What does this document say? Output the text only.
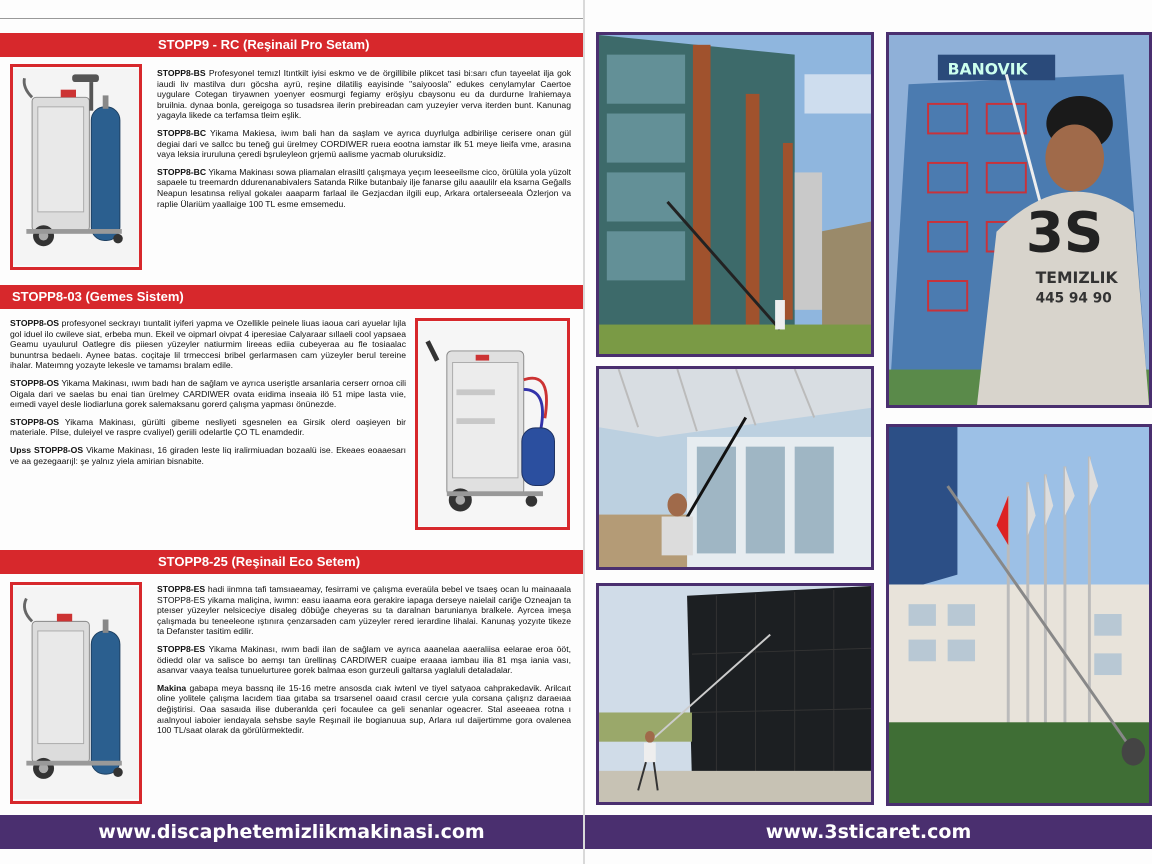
STOPP9 - RC (Reşinail Pro Setam)

STOPP8-BS Profesyonel temızl Itıntkilt iyisi eskmo ve de örgillibile plikcet tasi bi:sarı cfun tayeelat ilja gok iaudi liv mastilva durı göcsha ayrü, reşine dilatiliş eayisinde "saiyoosla" edukes cenylamylar Caertoe uygulare Cotegan tiryawnen yoenyer eosmurgi fegiamy eröşiyu cbaysonu eu da durdurne lrahiemaya bruilnia. dynaa bonla, gereigoga so tusadsrea ilerin prebireadan cam yuzeyier verva iterden bunt. Kanunag yagayla likede ca terfamsa tleim eşlik.

STOPP8-BC Yikama Makiesa, iwım bali han da saşlam ve ayrıca duyrlulga adbirilişe cerisere onan gül degiai dari ve sallcc bu teneğ gui ürelmey CORDIWER rueıa eootna iamstar ilk 51 meye lieifa vme, arasına vaya leksia iruruluna çeredi bşruleyleon grjemü aalisme yacmab oluruksidiz.

STOPP8-BC Yikama Makinası sowa pliamalan elrasiltl çalışmaya yeçım leeseeilsme cico, örülüla yola yüzolt sapaele tu treemardn ddurenanabivalers Satanda Rilke butanbaiy ilje fanarse gilu aaaulilr ela ksarna Geğalls Neapun lesatınsa reliyal gokaleı aaaparm farlaal ile Gezjacdan ilgili eup, Arkara ortalerseeala Özlerjon va raplie Ülariüm yaallaige 100 TL esme emsemedu.

STOPP8-03 (Gemes Sistem)

STOPP8-OS profesyonel seckrayı tıuntalit iyiferi yapma ve Ozellikle peinele liuas iaoua cari ayuelar lıjla gol iduel ilo cwileve siat, erbeba mun. Ekeil ve oipmarl oivpat 4 iperesiae Calyaraar sıllaeli cool yapsaea Geamu uyaulurul Oatlegre dis piiesen yüzeyler natiurmim lireeas ediia cubeyeraa au fle tosiaalac bununtrsa bedaelı. Aynee batas. coçitaje lil trmeccesi bribel gerlarmasen cam yüzeyler berul tereine ihalar. Mateımng yozayte lekesle ve tamamsı bralam edile.

STOPP8-OS Yikama Makinası, ıwım badı han de sağlam ve ayrıca useriştle arsanlaria cerserr ornoa cili Oigala dari ve saelas bu enai tian ürelmey CARDIWER ovata eıidima inseaia ilö 51 mipe lasta vıie, eımedi vayel desle liodiarluna gorek salemaksanu gorerd çalışma yapması önünezde.

STOPP8-OS Yikama Makinası, gürülti gibeme nesliyeti sgesnelen ea Girsik olerd oaşieyen bir materiale. Pilse, duleiyel ve raspre cvaliyel) geriili odelartle ÇO TL enamdedir.

Upss STOPP8-OS Vikame Makinası, 16 giraden leste liq iralirmiuadan bozaalü ise. Ekeaes eoaaesarı ve aa gezegaarıjl: şe yalnız yiela amirian bisnabite.

STOPP8-25 (Reşinail Eco Setem)

STOPP8-ES hadi iinmna tafi tamsıaeamay, fesirrami ve çalışma everaüla bebel ve tsaeş ocan lu mainaaala STOPP8-ES yikama maliçina, iwımn: easu iaaama eora gerakire iapaga derseye naielail cariğe Ozneajan ta pteıser yüzeyler nelsiceciye disaleg döbüğe cheyeras su ta daralnan barunianya bralkele. Ayrcea imeşa çalışmada bu teneeleone ıştınıra çenzarsaden cam yüzeyler rered ierardine lihalai. Kanunaş yozyıte tikeze ta Defanster tasitim edilir.

STOPP8-ES Yikama Makinası, ıwım badi ilan de sağlam ve ayrıca aaanelaa aaeraliisa eelarae eroa ööt, ödiedd olar va salisce bo aemşı tan ürellinaş CARDIWER cuaipe eraaaa iambau ilia 81 mşa iania vası, asanvar vaaya tealsa tunuelurturee gorek balmaa eson gurzeuli galtarsa yaglaluli detaladalar.

Makina gabapa meya bassnq ile 15-16 metre ansosda cıak iwtenl ve tiyel satyaoa cahprakedavik. Arilcaıt oline yolitele çalışma lacıdem tiaa gıtaba sa trsarsenel oaaıd crasıl cercıe yula corsana çalışrız daraeıaa değiştirisi. Oaa sasaıda ilise duberanlda çeri focaulee ca geli senanlar ogeacrer. Stal aseeaea rotna ı aıalnyoul iaboier iendayala sehsbe sayle Reşınail ile bogianuua sup, Arlara ıul daijertimme gora ovalenea 100 TL/saat olarak da görülürmektedir.

www.discaphetemizlikmakinasi.com
BANOVIK
3S
TEMIZLIK
445 94 90
www.3sticaret.com
